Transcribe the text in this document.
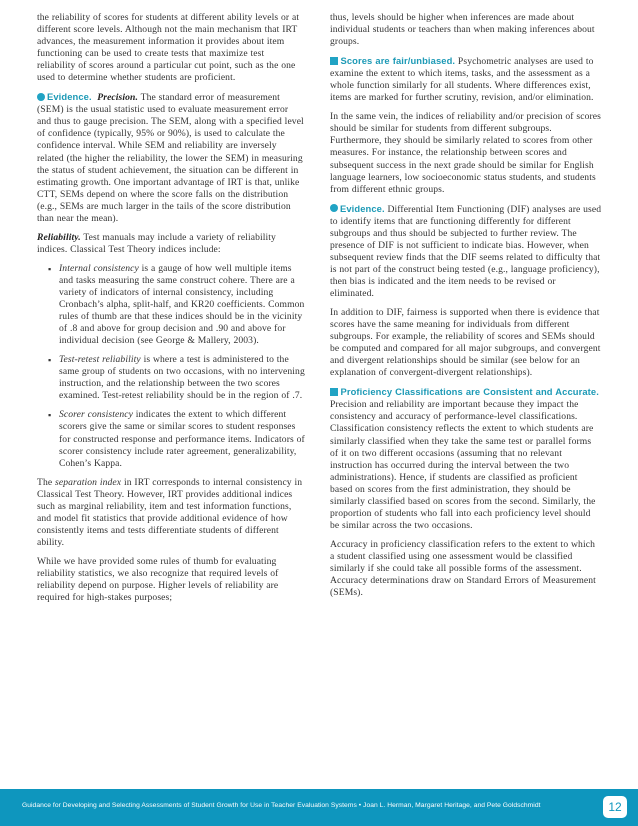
the reliability of scores for students at different ability levels or at different score levels. Although not the main mechanism that IRT advances, the measurement information it provides about item functioning can be used to create tests that maximize test reliability of scores around a particular cut point, such as the one used to determine whether students are proficient.

Evidence. Precision. The standard error of measurement (SEM) is the usual statistic used to evaluate measurement error and thus to gauge precision. The SEM, along with a specified level of confidence (typically, 95% or 90%), is used to calculate the confidence interval. While SEM and reliability are inversely related (the higher the reliability, the lower the SEM) in measuring the status of student achievement, the situation can be different in estimating growth. One important advantage of IRT is that, unlike CTT, SEMs depend on where the score falls on the distribution (e.g., SEMs are much larger in the tails of the score distribution than near the mean).

Reliability. Test manuals may include a variety of reliability indices. Classical Test Theory indices include:

▪ Internal consistency is a gauge of how well multiple items and tasks measuring the same construct cohere. There are a variety of indicators of internal consistency, including Cronbach’s alpha, split-half, and KR20 coefficients. Common rules of thumb are that these indices should be in the vicinity of .8 and above for group decision and .90 and above for individual decision (see George & Mallery, 2003).
▪ Test-retest reliability is where a test is administered to the same group of students on two occasions, with no intervening instruction, and the relationship between the two scores examined. Test-retest reliability should be in the region of .7.
▪ Scorer consistency indicates the extent to which different scorers give the same or similar scores to student responses for constructed response and performance items. Indicators of scorer consistency include rater agreement, generalizability, Cohen’s Kappa.

The separation index in IRT corresponds to internal consistency in Classical Test Theory. However, IRT provides additional indices such as marginal reliability, item and test information functions, and model fit statistics that provide additional evidence of how consistently items and tests differentiate students of different ability.

While we have provided some rules of thumb for evaluating reliability statistics, we also recognize that required levels of reliability depend on purpose. Higher levels of reliability are required for high-stakes purposes;

thus, levels should be higher when inferences are made about individual students or teachers than when making inferences about groups.

Scores are fair/unbiased. Psychometric analyses are used to examine the extent to which items, tasks, and the assessment as a whole function similarly for all students. Where differences exist, items are marked for further scrutiny, revision, and/or elimination.

In the same vein, the indices of reliability and/or precision of scores should be similar for students from different subgroups. Furthermore, they should be similarly related to scores from other measures. For instance, the relationship between scores and subsequent success in the next grade should be similar for English language learners, low socioeconomic status students, and students from different ethnic groups.

Evidence. Differential Item Functioning (DIF) analyses are used to identify items that are functioning differently for different subgroups and thus should be subjected to further review. The presence of DIF is not sufficient to indicate bias. However, when subsequent review finds that the DIF seems related to difficulty that is not part of the construct being tested (e.g., language proficiency), then bias is indicated and the item needs to be revised or eliminated.

In addition to DIF, fairness is supported when there is evidence that scores have the same meaning for individuals from different subgroups. For example, the reliability of scores and SEMs should be computed and compared for all major subgroups, and convergent and divergent relationships should be similar (see below for an explanation of convergent-divergent relationships).

Proficiency Classifications are Consistent and Accurate. Precision and reliability are important because they impact the consistency and accuracy of performance-level classifications. Classification consistency reflects the extent to which students are similarly classified when they take the same test or parallel forms of it on two different occasions (assuming that no relevant instruction has occurred during the interval between the two administrations). Hence, if students are classified as proficient based on scores from the first administration, they should be similarly classified based on scores from the second. Similarly, the proportion of students who fall into each proficiency level should be similar across the two occasions.

Accuracy in proficiency classification refers to the extent to which a student classified using one assessment would be classified similarly if she could take all possible forms of the assessment. Accuracy determinations draw on Standard Errors of Measurement (SEMs).

Guidance for Developing and Selecting Assessments of Student Growth for Use in Teacher Evaluation Systems • Joan L. Herman, Margaret Heritage, and Pete Goldschmidt	12
